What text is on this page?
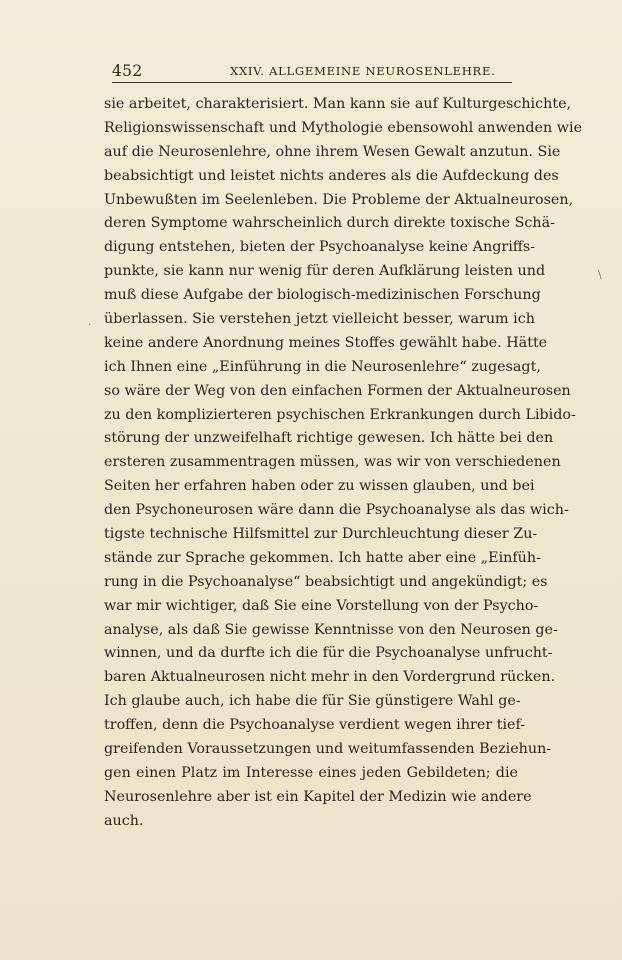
452	XXIV. ALLGEMEINE NEUROSENLEHRE.
sie arbeitet, charakterisiert. Man kann sie auf Kulturgeschichte,
Religionswissenschaft und Mythologie ebensowohl anwenden wie
auf die Neurosenlehre, ohne ihrem Wesen Gewalt anzutun. Sie
beabsichtigt und leistet nichts anderes als die Aufdeckung des
Unbewußten im Seelenleben. Die Probleme der Aktualneurosen,
deren Symptome wahrscheinlich durch direkte toxische Schä-
digung entstehen, bieten der Psychoanalyse keine Angriffs-
punkte, sie kann nur wenig für deren Aufklärung leisten und
muß diese Aufgabe der biologisch-medizinischen Forschung
überlassen. Sie verstehen jetzt vielleicht besser, warum ich
keine andere Anordnung meines Stoffes gewählt habe. Hätte
ich Ihnen eine „Einführung in die Neurosenlehre“ zugesagt,
so wäre der Weg von den einfachen Formen der Aktualneurosen
zu den komplizierteren psychischen Erkrankungen durch Libido-
störung der unzweifelhaft richtige gewesen. Ich hätte bei den
ersteren zusammentragen müssen, was wir von verschiedenen
Seiten her erfahren haben oder zu wissen glauben, und bei
den Psychoneurosen wäre dann die Psychoanalyse als das wich-
tigste technische Hilfsmittel zur Durchleuchtung dieser Zu-
stände zur Sprache gekommen. Ich hatte aber eine „Einfüh-
rung in die Psychoanalyse“ beabsichtigt und angekündigt; es
war mir wichtiger, daß Sie eine Vorstellung von der Psycho-
analyse, als daß Sie gewisse Kenntnisse von den Neurosen ge-
winnen, und da durfte ich die für die Psychoanalyse unfrucht-
baren Aktualneurosen nicht mehr in den Vordergrund rücken.
Ich glaube auch, ich habe die für Sie günstigere Wahl ge-
troffen, denn die Psychoanalyse verdient wegen ihrer tief-
greifenden Voraussetzungen und weitumfassenden Beziehun-
gen einen Platz im Interesse eines jeden Gebildeten; die
Neurosenlehre aber ist ein Kapitel der Medizin wie andere
auch.
\
·
